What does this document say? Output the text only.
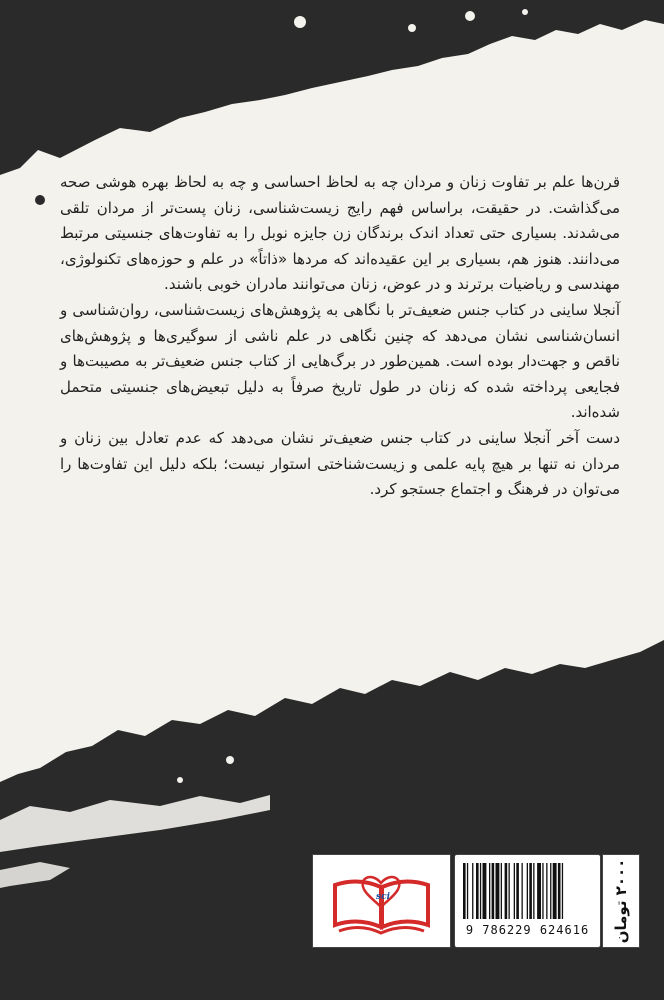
قرن‌ها علم بر تفاوت زنان و مردان چه به لحاظ احساسی و چه به لحاظ بهره هوشی صحه می‌گذاشت. در حقیقت، براساس فهم رایج زیست‌شناسی، زنان پست‌تر از مردان تلقی می‌شدند. بسیاری حتی تعداد اندک برندگان زن جایزه نوبل را به تفاوت‌های جنسیتی مرتبط می‌دانند. هنوز هم، بسیاری بر این عقیده‌اند که مردها «ذاتاً» در علم و حوزه‌های تکنولوژی، مهندسی و ریاضیات برترند و در عوض، زنان می‌توانند مادران خوبی باشند.

آنجلا ساینی در کتاب جنس ضعیف‌تر با نگاهی به پژوهش‌های زیست‌شناسی، روان‌شناسی و انسان‌شناسی نشان می‌دهد که چنین نگاهی در علم ناشی از سوگیری‌ها و پژوهش‌های ناقص و جهت‌دار بوده است. همین‌طور در برگ‌هایی از کتاب جنس ضعیف‌تر به مصیبت‌ها و فجایعی پرداخته شده که زنان در طول تاریخ صرفاً به دلیل تبعیض‌های جنسیتی متحمل شده‌اند.

دست آخر آنجلا ساینی در کتاب جنس ضعیف‌تر نشان می‌دهد که عدم تعادل بین زنان و مردان نه تنها بر هیچ پایه علمی و زیست‌شناختی استوار نیست؛ بلکه دلیل این تفاوت‌ها را می‌توان در فرهنگ و اجتماع جستجو کرد.

sci
9 786229 624616	۲۰۰۰ تومان
